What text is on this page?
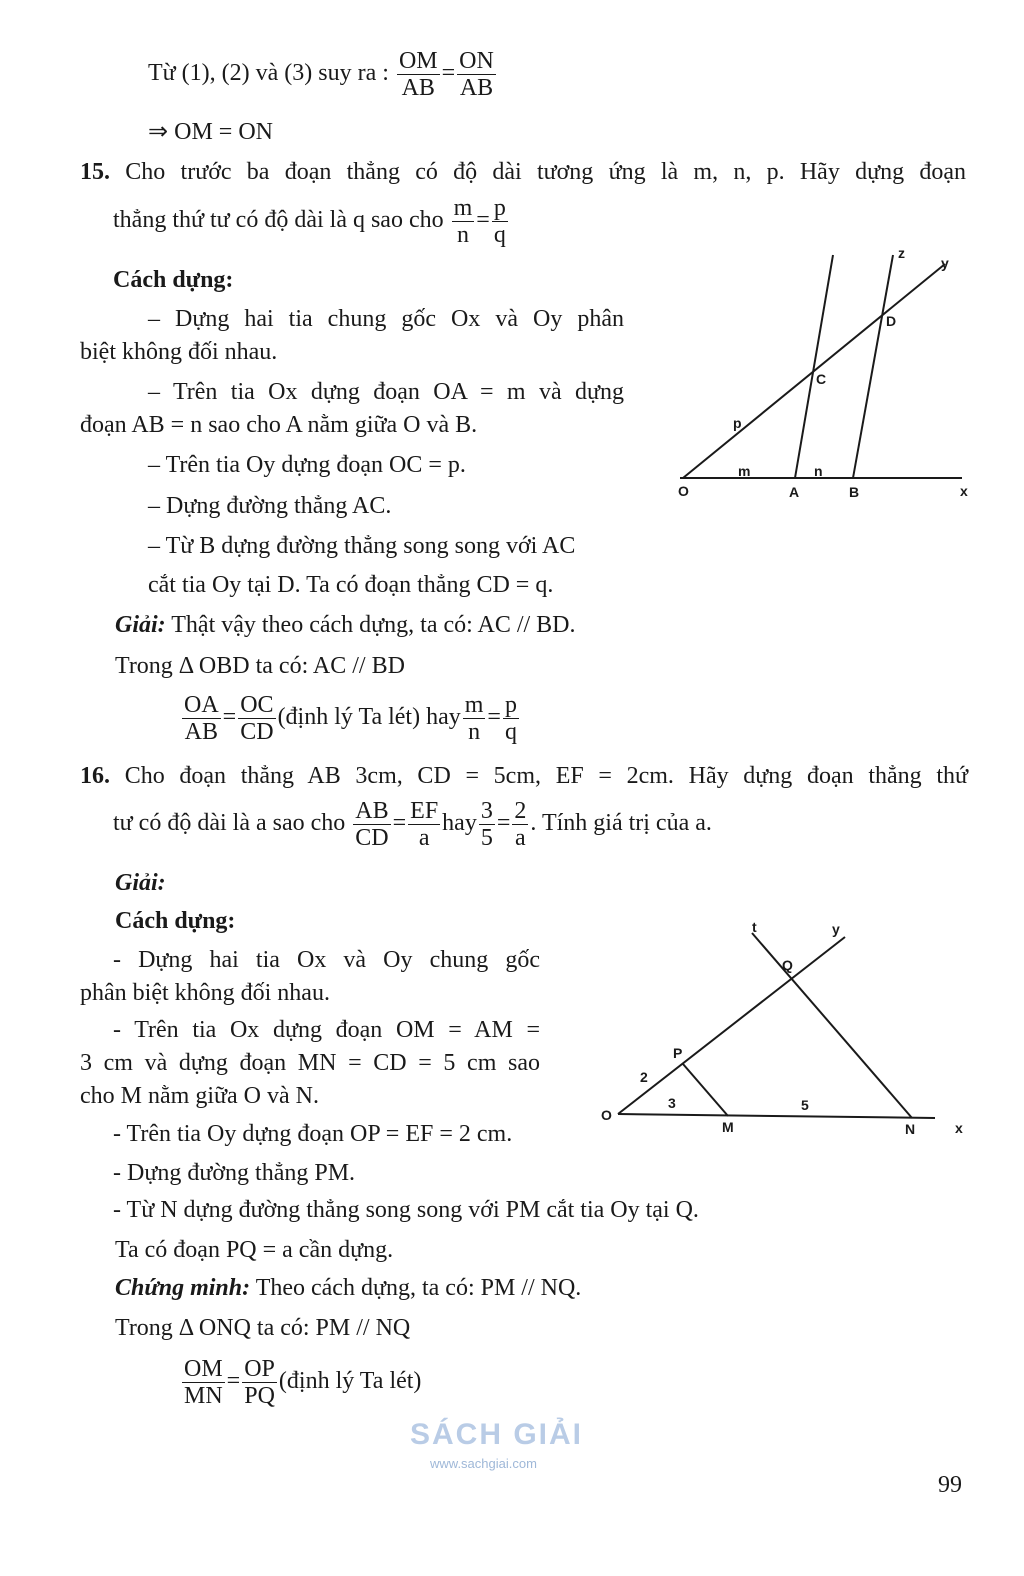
Từ (1), (2) và (3) suy ra : $\frac{OM}{AB} = \frac{ON}{AB}$
⇒ OM = ON
15. Cho trước ba đoạn thẳng có độ dài tương ứng là m, n, p. Hãy dựng đoạn
thẳng thứ tư có độ dài là q sao cho $\frac{m}{n} = \frac{p}{q}$
Cách dựng:
– Dựng hai tia chung gốc Ox và Oy phân
biệt không đối nhau.
– Trên tia Ox dựng đoạn OA = m và dựng
đoạn AB = n sao cho A nằm giữa O và B.
– Trên tia Oy dựng đoạn OC = p.
– Dựng đường thẳng AC.
– Từ B dựng đường thẳng song song với AC
cắt tia Oy tại D. Ta có đoạn thẳng CD = q.
Giải: Thật vậy theo cách dựng, ta có: AC // BD.
Trong Δ OBD ta có: AC // BD
$\frac{OA}{AB} = \frac{OC}{CD}$ (định lý Ta lét) hay $\frac{m}{n} = \frac{p}{q}$
O	A	B	x
y
z
C
D
p
m	n
t	y
Q
P
2
3	5
O
M	N	x
16. Cho đoạn thẳng AB 3cm, CD = 5cm, EF = 2cm. Hãy dựng đoạn thẳng thứ
tư có độ dài là a sao cho $\frac{AB}{CD} = \frac{EF}{a}$ hay $\frac{3}{5} = \frac{2}{a}$ . Tính giá trị của a.
Giải:
Cách dựng:
- Dựng hai tia Ox và Oy chung gốc
phân biệt không đối nhau.
- Trên tia Ox dựng đoạn OM = AM =
3 cm và dựng đoạn MN = CD = 5 cm sao
cho M nằm giữa O và N.
- Trên tia Oy dựng đoạn OP = EF = 2 cm.
- Dựng đường thẳng PM.
- Từ N dựng đường thẳng song song với PM cắt tia Oy tại Q.
Ta có đoạn PQ = a cần dựng.
Chứng minh: Theo cách dựng, ta có: PM // NQ.
Trong Δ ONQ ta có: PM // NQ
$\frac{OM}{MN} = \frac{OP}{PQ}$ (định lý Ta lét)
SÁCH GIẢI
www.sachgiai.com
99
